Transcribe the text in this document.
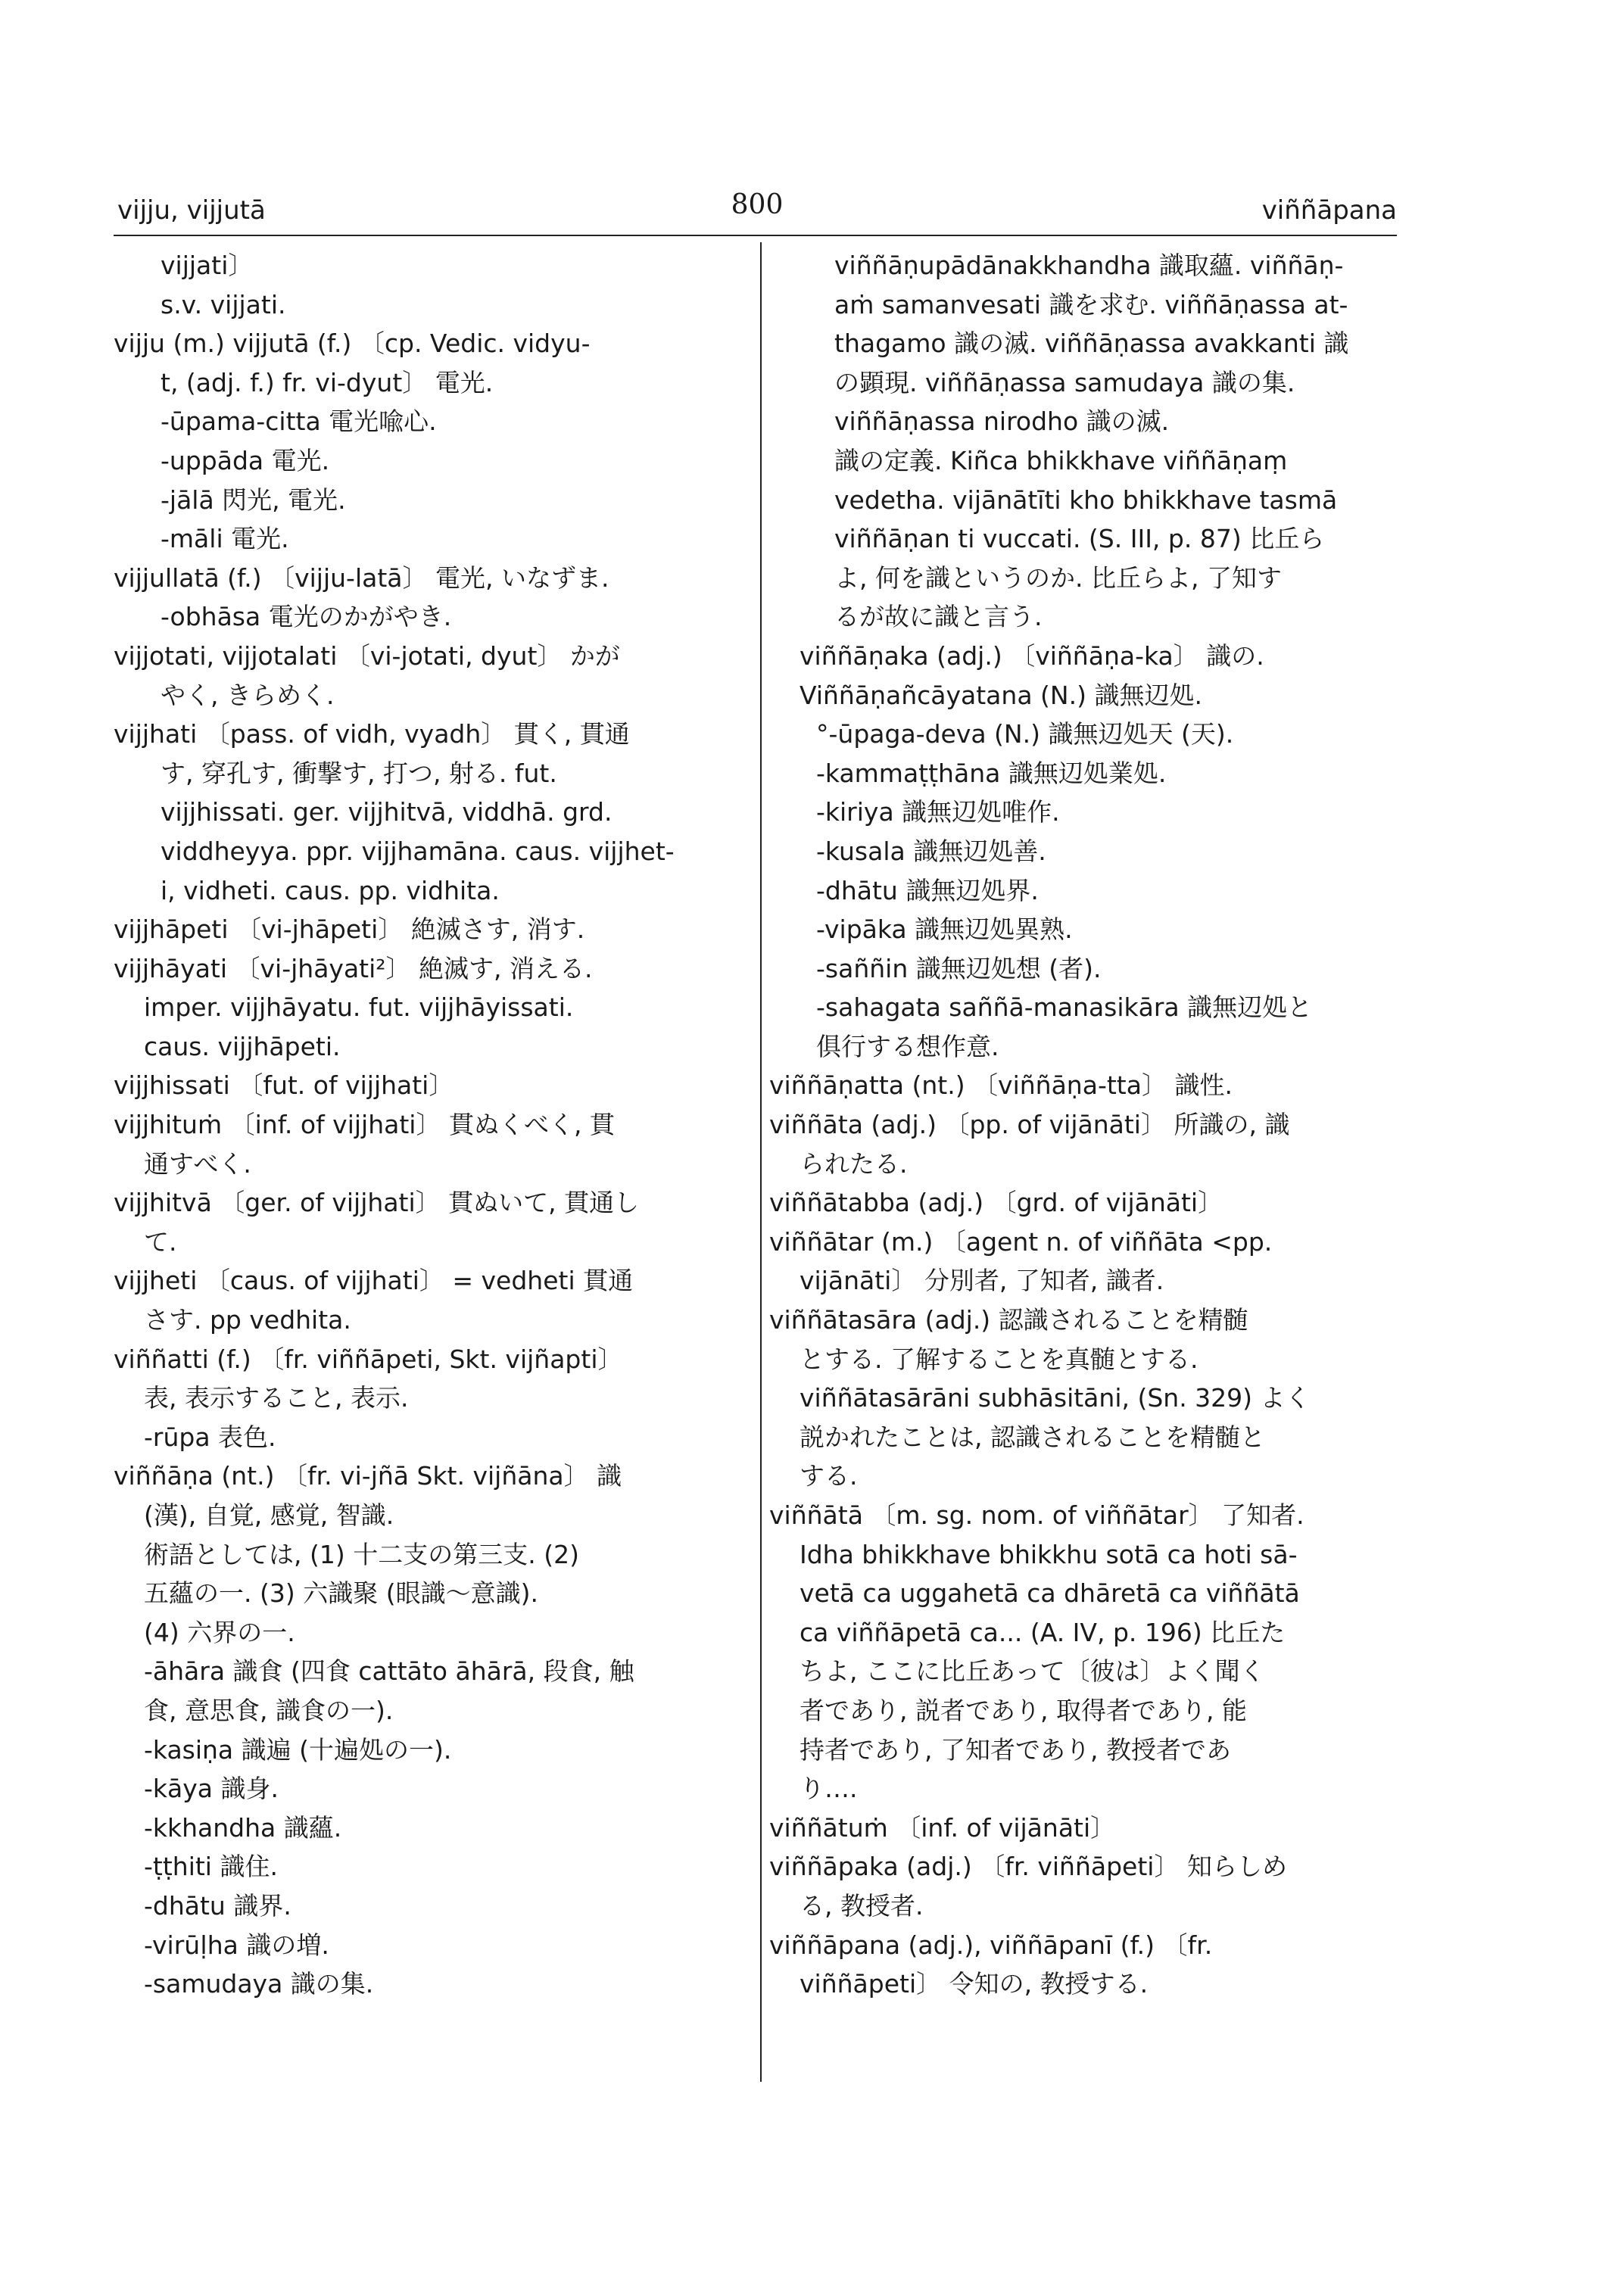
vijju, vijjutā	800	viññāpana
vijjati〕
s.v. vijjati.
vijju (m.) vijjutā (f.) 〔cp. Vedic. vidyu-
t, (adj. f.) fr. vi-dyut〕 電光.
-ūpama-citta 電光喩心.
-uppāda 電光.
-jālā 閃光, 電光.
-māli 電光.
vijjullatā (f.) 〔vijju-latā〕 電光, いなずま.
-obhāsa 電光のかがやき.
vijjotati, vijjotalati 〔vi-jotati, dyut〕 かが
やく, きらめく.
vijjhati 〔pass. of vidh, vyadh〕 貫く, 貫通
す, 穿孔す, 衝撃す, 打つ, 射る. fut.
vijjhissati. ger. vijjhitvā, viddhā. grd.
viddheyya. ppr. vijjhamāna. caus. vijjhet-
i, vidheti. caus. pp. vidhita.
vijjhāpeti 〔vi-jhāpeti〕 絶滅さす, 消す.
vijjhāyati 〔vi-jhāyati²〕 絶滅す, 消える.
imper. vijjhāyatu. fut. vijjhāyissati.
caus. vijjhāpeti.
vijjhissati 〔fut. of vijjhati〕
vijjhituṁ 〔inf. of vijjhati〕 貫ぬくべく, 貫
通すべく.
vijjhitvā 〔ger. of vijjhati〕 貫ぬいて, 貫通し
て.
vijjheti 〔caus. of vijjhati〕 = vedheti 貫通
さす. pp vedhita.
viññatti (f.) 〔fr. viññāpeti, Skt. vijñapti〕
表, 表示すること, 表示.
-rūpa 表色.
viññāṇa (nt.) 〔fr. vi-jñā Skt. vijñāna〕 識
(漢), 自覚, 感覚, 智識.
術語としては, (1) 十二支の第三支. (2)
五蘊の一. (3) 六識聚 (眼識〜意識).
(4) 六界の一.
-āhāra 識食 (四食 cattāto āhārā, 段食, 触
食, 意思食, 識食の一).
-kasiṇa 識遍 (十遍処の一).
-kāya 識身.
-kkhandha 識蘊.
-ṭṭhiti 識住.
-dhātu 識界.
-virūḷha 識の増.
-samudaya 識の集.
viññāṇupādānakkhandha 識取蘊. viññāṇ-
aṁ samanvesati 識を求む. viññāṇassa at-
thagamo 識の滅. viññāṇassa avakkanti 識
の顕現. viññāṇassa samudaya 識の集.
viññāṇassa nirodho 識の滅.
識の定義. Kiñca bhikkhave viññāṇaṃ
vedetha. vijānātīti kho bhikkhave tasmā
viññāṇan ti vuccati. (S. III, p. 87) 比丘ら
よ, 何を識というのか. 比丘らよ, 了知す
るが故に識と言う.
viññāṇaka (adj.) 〔viññāṇa-ka〕 識の.
Viññāṇañcāyatana (N.) 識無辺処.
°-ūpaga-deva (N.) 識無辺処天 (天).
-kammaṭṭhāna 識無辺処業処.
-kiriya 識無辺処唯作.
-kusala 識無辺処善.
-dhātu 識無辺処界.
-vipāka 識無辺処異熟.
-saññin 識無辺処想 (者).
-sahagata saññā-manasikāra 識無辺処と
俱行する想作意.
viññāṇatta (nt.) 〔viññāṇa-tta〕 識性.
viññāta (adj.) 〔pp. of vijānāti〕 所識の, 識
られたる.
viññātabba (adj.) 〔grd. of vijānāti〕
viññātar (m.) 〔agent n. of viññāta <pp.
vijānāti〕 分別者, 了知者, 識者.
viññātasāra (adj.) 認識されることを精髄
とする. 了解することを真髄とする.
viññātasārāni subhāsitāni, (Sn. 329) よく
説かれたことは, 認識されることを精髄と
する.
viññātā 〔m. sg. nom. of viññātar〕 了知者.
Idha bhikkhave bhikkhu sotā ca hoti sā-
vetā ca uggahetā ca dhāretā ca viññātā
ca viññāpetā ca... (A. IV, p. 196) 比丘た
ちよ, ここに比丘あって〔彼は〕よく聞く
者であり, 説者であり, 取得者であり, 能
持者であり, 了知者であり, 教授者であ
り….
viññātuṁ 〔inf. of vijānāti〕
viññāpaka (adj.) 〔fr. viññāpeti〕 知らしめ
る, 教授者.
viññāpana (adj.), viññāpanī (f.) 〔fr.
viññāpeti〕 令知の, 教授する.
